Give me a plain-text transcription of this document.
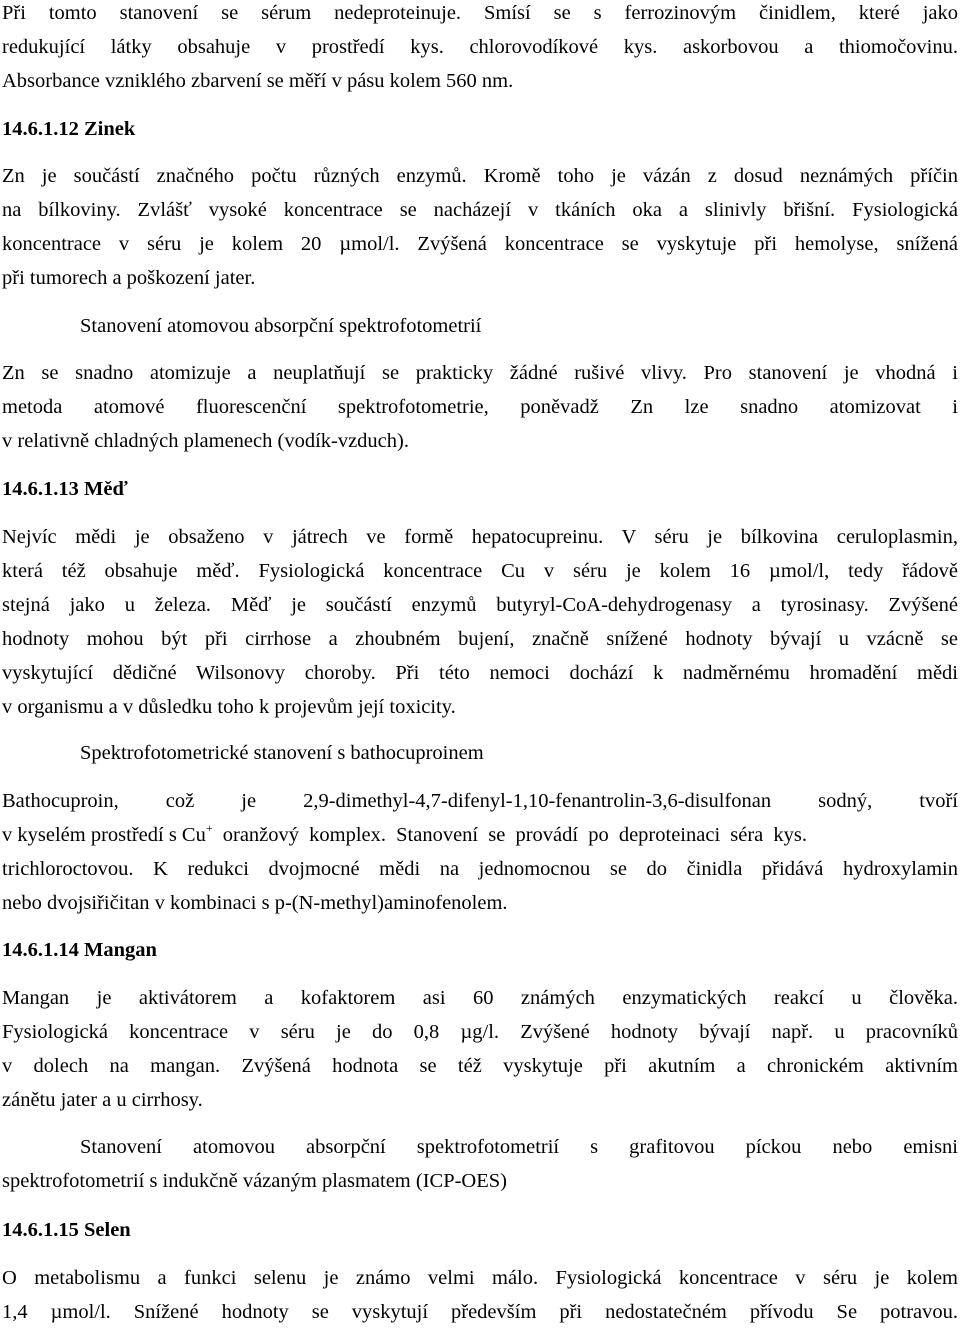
Při tomto stanovení se sérum nedeproteinuje. Smísí se s ferrozinovým činidlem, které jako
redukující látky obsahuje v prostředí kys. chlorovodíkové kys. askorbovou a thiomočovinu.
Absorbance vzniklého zbarvení se měří v pásu kolem 560 nm.
14.6.1.12 Zinek
Zn je součástí značného počtu různých enzymů. Kromě toho je vázán z dosud neznámých příčin
na bílkoviny. Zvlášť vysoké koncentrace se nacházejí v tkáních oka a slinivly břišní. Fysiologická
koncentrace v séru je kolem 20 µmol/l. Zvýšená koncentrace se vyskytuje při hemolyse, snížená
při tumorech a poškození jater.
Stanovení atomovou absorpční spektrofotometrií
Zn se snadno atomizuje a neuplatňují se prakticky žádné rušivé vlivy. Pro stanovení je vhodná i
metoda atomové fluorescenční spektrofotometrie, poněvadž Zn lze snadno atomizovat i
v relativně chladných plamenech (vodík-vzduch).
14.6.1.13 Měď
Nejvíc mědi je obsaženo v játrech ve formě hepatocupreinu. V séru je bílkovina ceruloplasmin,
která též obsahuje měď. Fysiologická koncentrace Cu v séru je kolem 16 µmol/l, tedy řádově
stejná jako u železa. Měď je součástí enzymů butyryl-CoA-dehydrogenasy a tyrosinasy. Zvýšené
hodnoty mohou být při cirrhose a zhoubném bujení, značně snížené hodnoty bývají u vzácně se
vyskytující dědičné Wilsonovy choroby. Při této nemoci dochází k nadměrnému hromadění mědi
v organismu a v důsledku toho k projevům její toxicity.
Spektrofotometrické stanovení s bathocuproinem
Bathocuproin, což je 2,9-dimethyl-4,7-difenyl-1,10-fenantrolin-3,6-disulfonan sodný, tvoří
v kyselém prostředí s Cu+ oranžový komplex. Stanovení se provádí po deproteinaci séra kys.
trichloroctovou. K redukci dvojmocné mědi na jednomocnou se do činidla přidává hydroxylamin
nebo dvojsiřičitan v kombinaci s p-(N-methyl)aminofenolem.
14.6.1.14 Mangan
Mangan je aktivátorem a kofaktorem asi 60 známých enzymatických reakcí u člověka.
Fysiologická koncentrace v séru je do 0,8 µg/l. Zvýšené hodnoty bývají např. u pracovníků
v dolech na mangan. Zvýšená hodnota se též vyskytuje při akutním a chronickém aktivním
zánětu jater a u cirrhosy.
Stanovení atomovou absorpční spektrofotometrií s grafitovou píckou nebo emisni
spektrofotometrií s indukčně vázaným plasmatem (ICP-OES)
14.6.1.15 Selen
O metabolismu a funkci selenu je známo velmi málo. Fysiologická koncentrace v séru je kolem
1,4 µmol/l. Snížené hodnoty se vyskytují především při nedostatečném přívodu Se potravou.
